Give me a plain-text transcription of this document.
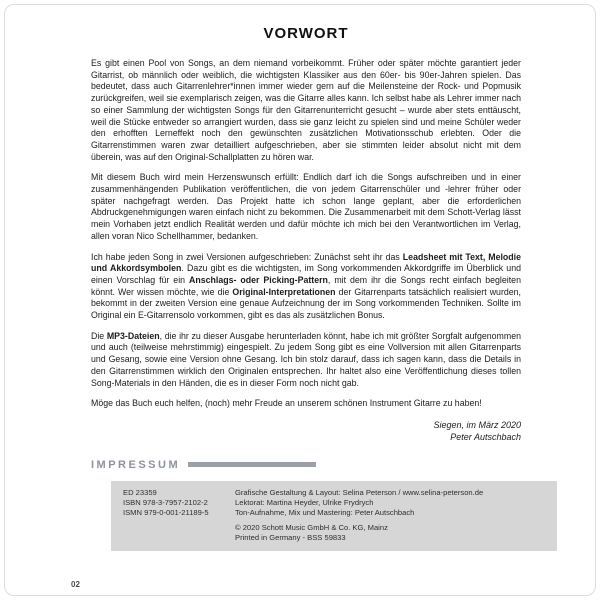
VORWORT

Es gibt einen Pool von Songs, an dem niemand vorbeikommt. Früher oder später möchte garantiert jeder Gitarrist, ob männlich oder weiblich, die wichtigsten Klassiker aus den 60er- bis 90er-Jahren spielen. Das bedeutet, dass auch Gitarrenlehrer*innen immer wieder gern auf die Meilensteine der Rock- und Popmusik zurückgreifen, weil sie exemplarisch zeigen, was die Gitarre alles kann. Ich selbst habe als Lehrer immer nach so einer Sammlung der wichtigsten Songs für den Gitarrenunterricht gesucht – wurde aber stets enttäuscht, weil die Stücke entweder so arrangiert wurden, dass sie ganz leicht zu spielen sind und meine Schüler weder den erhofften Lerneffekt noch den gewünschten zusätzlichen Motivationsschub erlebten. Oder die Gitarrenstimmen waren zwar detailliert aufgeschrieben, aber sie stimmten leider absolut nicht mit dem überein, was auf den Original-Schallplatten zu hören war.

Mit diesem Buch wird mein Herzenswunsch erfüllt: Endlich darf ich die Songs aufschreiben und in einer zusammenhängenden Publikation veröffentlichen, die von jedem Gitarrenschüler und -lehrer früher oder später nachgefragt werden. Das Projekt hatte ich schon lange geplant, aber die erforderlichen Abdruckgenehmigungen waren einfach nicht zu bekommen. Die Zusammenarbeit mit dem Schott-Verlag lässt mein Vorhaben jetzt endlich Realität werden und dafür möchte ich mich bei den Verantwortlichen im Verlag, allen voran Nico Schellhammer, bedanken.

Ich habe jeden Song in zwei Versionen aufgeschrieben: Zunächst seht ihr das Leadsheet mit Text, Melodie und Akkordsymbolen. Dazu gibt es die wichtigsten, im Song vorkommenden Akkordgriffe im Überblick und einen Vorschlag für ein Anschlags- oder Picking-Pattern, mit dem ihr die Songs recht einfach begleiten könnt. Wer wissen möchte, wie die Original-Interpretationen der Gitarrenparts tatsächlich realisiert wurden, bekommt in der zweiten Version eine genaue Aufzeichnung der im Song vorkommenden Techniken. Sollte im Original ein E-Gitarrensolo vorkommen, gibt es das als zusätzlichen Bonus.

Die MP3-Dateien, die ihr zu dieser Ausgabe herunterladen könnt, habe ich mit größter Sorgfalt aufgenommen und auch (teilweise mehrstimmig) eingespielt. Zu jedem Song gibt es eine Vollversion mit allen Gitarrenparts und Gesang, sowie eine Version ohne Gesang. Ich bin stolz darauf, dass ich sagen kann, dass die Details in den Gitarrenstimmen wirklich den Originalen entsprechen. Ihr haltet also eine Veröffentlichung dieses tollen Song-Materials in den Händen, die es in dieser Form noch nicht gab.

Möge das Buch euch helfen, (noch) mehr Freude an unserem schönen Instrument Gitarre zu haben!

Siegen, im März 2020
Peter Autschbach
IMPRESSUM
ED 23359
ISBN 978-3-7957-2102-2
ISMN 979-0-001-21189-5
Grafische Gestaltung & Layout: Selina Peterson / www.selina-peterson.de
Lektorat: Martina Heyder, Ulrike Frydrych
Ton-Aufnahme, Mix und Mastering: Peter Autschbach
© 2020 Schott Music GmbH & Co. KG, Mainz
Printed in Germany - BSS 59833
02
